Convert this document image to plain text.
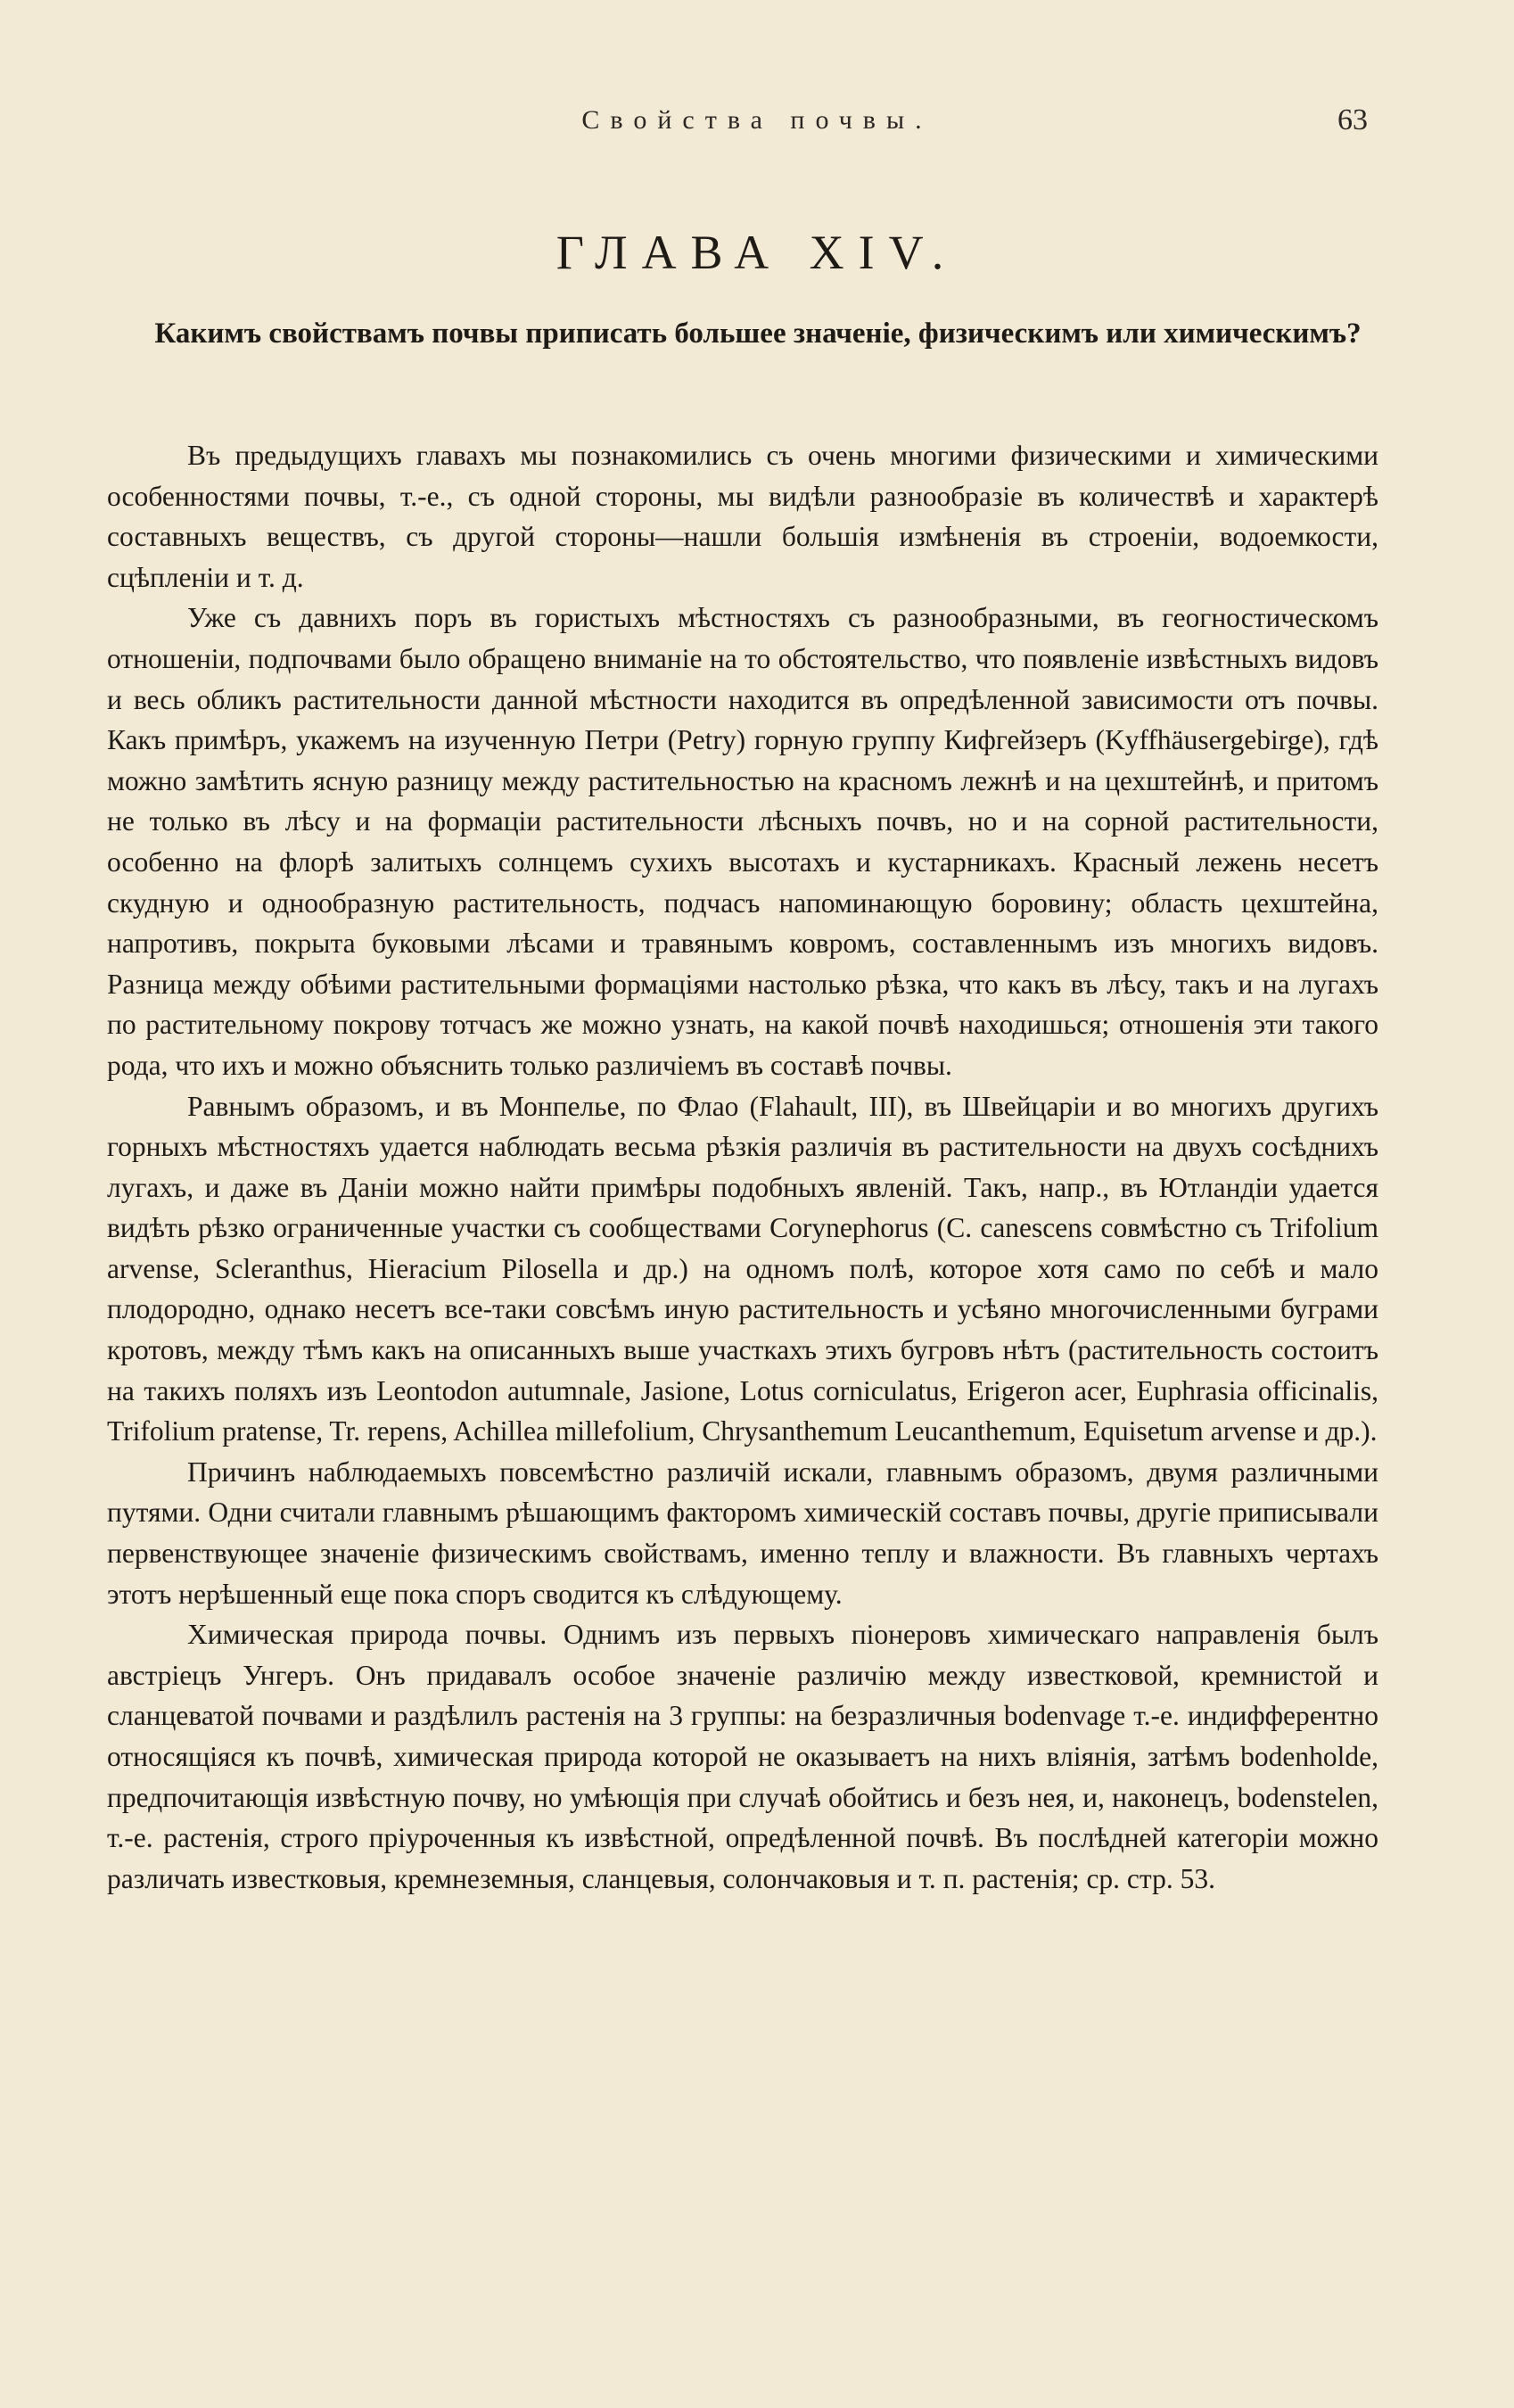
Свойства почвы.	63
ГЛАВА XIV.
Какимъ свойствамъ почвы приписать большее значенiе, физическимъ или химическимъ?

Въ предыдущихъ главахъ мы познакомились съ очень многими физическими и химическими особенностями почвы, т.-е., съ одной стороны, мы видѣли разнообразiе въ количествѣ и характерѣ составныхъ веществъ, съ другой стороны—нашли большiя измѣненiя въ строенiи, водоемкости, сцѣпленiи и т. д.

Уже съ давнихъ поръ въ гористыхъ мѣстностяхъ съ разнообразными, въ геогностическомъ отношенiи, подпочвами было обращено вниманiе на то обстоятельство, что появленiе извѣстныхъ видовъ и весь обликъ растительности данной мѣстности находится въ опредѣленной зависимости отъ почвы. Какъ примѣръ, укажемъ на изученную Петри (Petry) горную группу Кифгейзеръ (Kyffhäusergebirge), гдѣ можно замѣтить ясную разницу между растительностью на красномъ лежнѣ и на цехштейнѣ, и притомъ не только въ лѣсу и на формацiи растительности лѣсныхъ почвъ, но и на сорной растительности, особенно на флорѣ залитыхъ солнцемъ сухихъ высотахъ и кустарникахъ. Красный лежень несетъ скудную и однообразную растительность, подчасъ напоминающую боровину; область цехштейна, напротивъ, покрыта буковыми лѣсами и травянымъ ковромъ, составленнымъ изъ многихъ видовъ. Разница между обѣими растительными формацiями настолько рѣзка, что какъ въ лѣсу, такъ и на лугахъ по растительному покрову тотчасъ же можно узнать, на какой почвѣ находишься; отношенiя эти такого рода, что ихъ и можно объяснить только различiемъ въ составѣ почвы.

Равнымъ образомъ, и въ Монпелье, по Флао (Flahault, III), въ Швейцарiи и во многихъ другихъ горныхъ мѣстностяхъ удается наблюдать весьма рѣзкiя различiя въ растительности на двухъ сосѣднихъ лугахъ, и даже въ Данiи можно найти примѣры подобныхъ явленiй. Такъ, напр., въ Ютландiи удается видѣть рѣзко ограниченные участки съ сообществами Corynephorus (C. canescens совмѣстно съ Trifolium arvense, Scleranthus, Hieracium Pilosella и др.) на одномъ полѣ, которое хотя само по себѣ и мало плодородно, однако несетъ все-таки совсѣмъ иную растительность и усѣяно многочисленными буграми кротовъ, между тѣмъ какъ на описанныхъ выше участкахъ этихъ бугровъ нѣтъ (растительность состоитъ на такихъ поляхъ изъ Leontodon autumnale, Jasione, Lotus corniculatus, Erigeron acer, Euphrasia officinalis, Trifolium pratense, Tr. repens, Achillea millefolium, Chrysanthemum Leucanthemum, Equisetum arvense и др.).

Причинъ наблюдаемыхъ повсемѣстно различiй искали, главнымъ образомъ, двумя различными путями. Одни считали главнымъ рѣшающимъ факторомъ химическiй составъ почвы, другiе приписывали первенствующее значенiе физическимъ свойствамъ, именно теплу и влажности. Въ главныхъ чертахъ этотъ нерѣшенный еще пока споръ сводится къ слѣдующему.

Химическая природа почвы. Однимъ изъ первыхъ пiонеровъ химическаго направленiя былъ австрiецъ Унгеръ. Онъ придавалъ особое значенiе различiю между известковой, кремнистой и сланцеватой почвами и раздѣлилъ растенiя на 3 группы: на безразличныя bodenvage т.-е. индифферентно относящiяся къ почвѣ, химическая природа которой не оказываетъ на нихъ влiянiя, затѣмъ bodenholde, предпочитающiя извѣстную почву, но умѣющiя при случаѣ обойтись и безъ нея, и, наконецъ, bodenstelen, т.-е. растенiя, строго прiуроченныя къ извѣстной, опредѣленной почвѣ. Въ послѣдней категорiи можно различать известковыя, кремнеземныя, сланцевыя, солончаковыя и т. п. растенiя; ср. стр. 53.
